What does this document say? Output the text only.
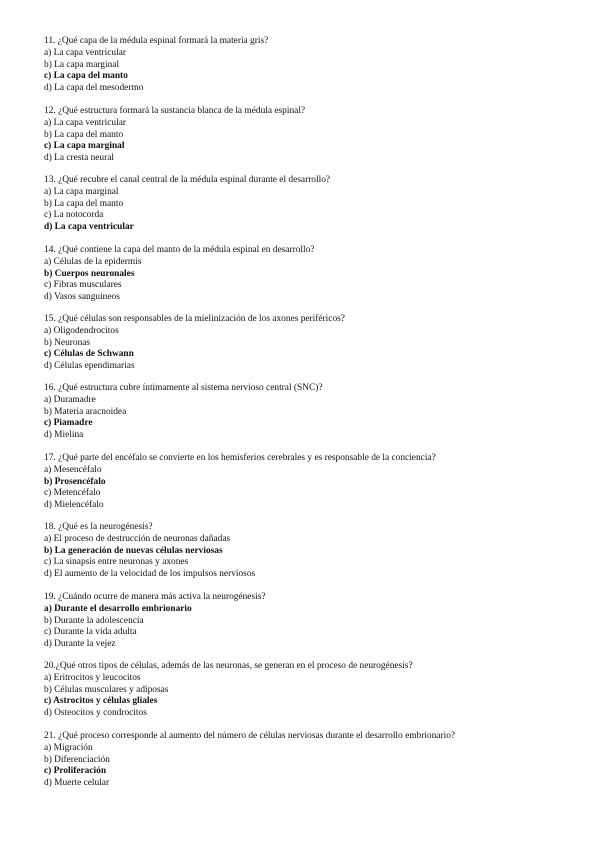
11. ¿Qué capa de la médula espinal formará la materia gris?

a) La capa ventricular

b) La capa marginal

c) La capa del manto

d) La capa del mesodermo

12. ¿Qué estructura formará la sustancia blanca de la médula espinal?

a) La capa ventricular

b) La capa del manto

c) La capa marginal

d) La cresta neural

13. ¿Qué recubre el canal central de la médula espinal durante el desarrollo?

a) La capa marginal

b) La capa del manto

c) La notocorda

d) La capa ventricular

14. ¿Qué contiene la capa del manto de la médula espinal en desarrollo?

a) Células de la epidermis

b) Cuerpos neuronales

c) Fibras musculares

d) Vasos sanguíneos

15. ¿Qué células son responsables de la mielinización de los axones periféricos?

a) Oligodendrocitos

b) Neuronas

c) Células de Schwann

d) Células ependimarias

16. ¿Qué estructura cubre íntimamente al sistema nervioso central (SNC)?

a) Duramadre

b) Materia aracnoidea

c) Piamadre

d) Mielina

17. ¿Qué parte del encéfalo se convierte en los hemisferios cerebrales y es responsable de la conciencia?

a) Mesencéfalo

b) Prosencéfalo

c) Metencéfalo

d) Mielencéfalo

18. ¿Qué es la neurogénesis?

a) El proceso de destrucción de neuronas dañadas

b) La generación de nuevas células nerviosas

c) La sinapsis entre neuronas y axones

d) El aumento de la velocidad de los impulsos nerviosos

19. ¿Cuándo ocurre de manera más activa la neurogénesis?

a) Durante el desarrollo embrionario

b) Durante la adolescencia

c) Durante la vida adulta

d) Durante la vejez

20.¿Qué otros tipos de células, además de las neuronas, se generan en el proceso de neurogénesis?

a) Eritrocitos y leucocitos

b) Células musculares y adiposas

c) Astrocitos y células gliales

d) Osteocitos y condrocitos

21. ¿Qué proceso corresponde al aumento del número de células nerviosas durante el desarrollo embrionario?

a) Migración

b) Diferenciación

c) Proliferación

d) Muerte celular
